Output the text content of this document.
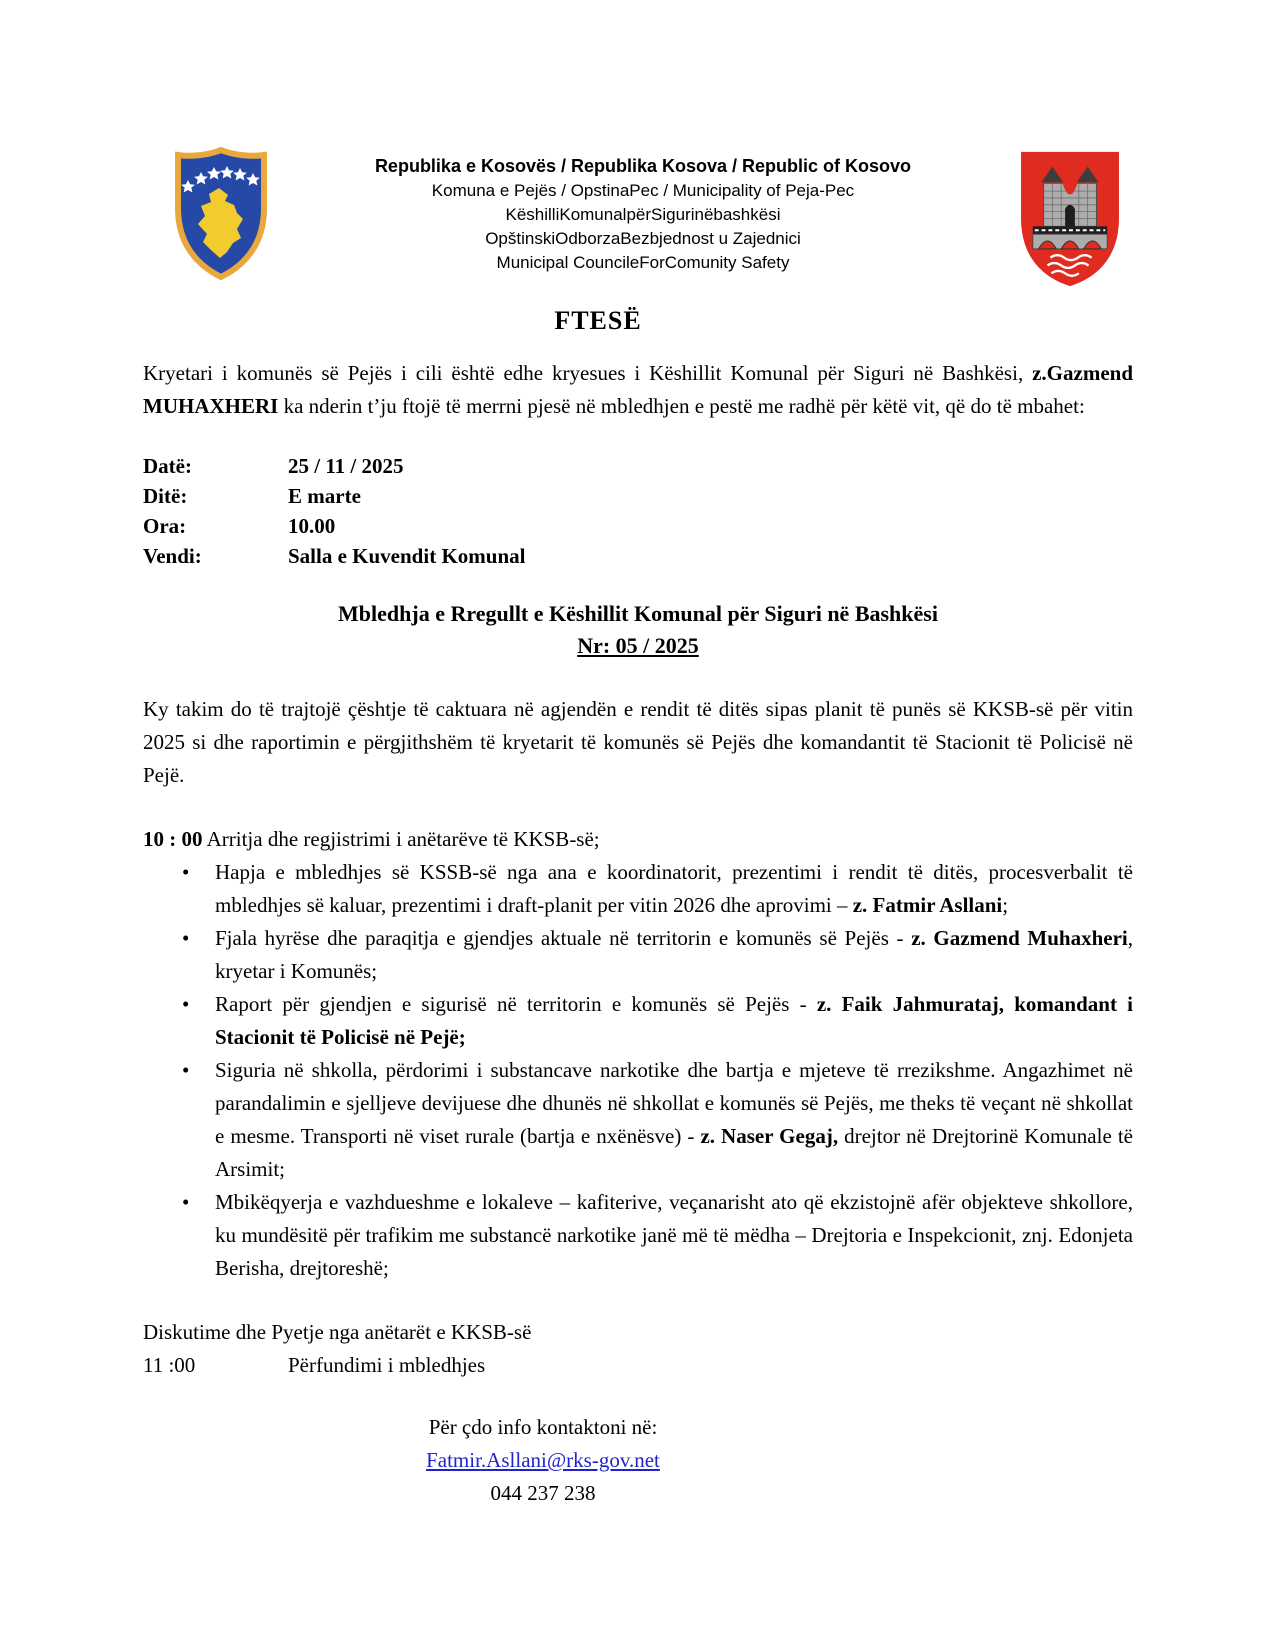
Republika e Kosovës / Republika Kosova / Republic of Kosovo
Komuna e Pejës / OpstinaPec / Municipality of Peja-Pec
KëshilliKomunalpërSigurinëbashkësi
OpštinskiOdborzaBezbjednost u Zajednici
Municipal CouncileForComunity Safety
FTESË

Kryetari i komunës së Pejës i cili është edhe kryesues i Këshillit Komunal për Siguri në Bashkësi, z.Gazmend MUHAXHERI ka nderin t’ju ftojë të merrni pjesë në mbledhjen e pestë me radhë për këtë vit, që do të mbahet:

Datë:	25 / 11 / 2025
Ditë:	E marte
Ora:	10.00
Vendi:	Salla e Kuvendit Komunal
Mbledhja e Rregullt e Këshillit Komunal për Siguri në Bashkësi
Nr: 05 / 2025

Ky takim do të trajtojë çështje të caktuara në agjendën e rendit të ditës sipas planit të punës së KKSB-së për vitin 2025 si dhe raportimin e përgjithshëm të kryetarit të komunës së Pejës dhe komandantit të Stacionit të Policisë në Pejë.

10 : 00 Arritja dhe regjistrimi i anëtarëve të KKSB-së;
•	Hapja e mbledhjes së KSSB-së nga ana e koordinatorit, prezentimi i rendit të ditës, procesverbalit të mbledhjes së kaluar, prezentimi i draft-planit per vitin 2026 dhe aprovimi – z. Fatmir Asllani;

•	Fjala hyrëse dhe paraqitja e gjendjes aktuale në territorin e komunës së Pejës - z. Gazmend Muhaxheri, kryetar i Komunës;

•	Raport për gjendjen e sigurisë në territorin e komunës së Pejës - z. Faik Jahmurataj, komandant i Stacionit të Policisë në Pejë;

•	Siguria në shkolla, përdorimi i substancave narkotike dhe bartja e mjeteve të rrezikshme. Angazhimet në parandalimin e sjelljeve devijuese dhe dhunës në shkollat e komunës së Pejës, me theks të veçant në shkollat e mesme. Transporti në viset rurale (bartja e nxënësve) - z. Naser Gegaj, drejtor në Drejtorinë Komunale të Arsimit;

•	Mbikëqyerja e vazhdueshme e lokaleve – kafiterive, veçanarisht ato që ekzistojnë afër objekteve shkollore, ku mundësitë për trafikim me substancë narkotike janë më të mëdha – Drejtoria e Inspekcionit, znj. Edonjeta Berisha, drejtoreshë;

Diskutime dhe Pyetje nga anëtarët e KKSB-së
11 :00	Përfundimi i mbledhjes
Për çdo info kontaktoni në:
Fatmir.Asllani@rks-gov.net
044 237 238
